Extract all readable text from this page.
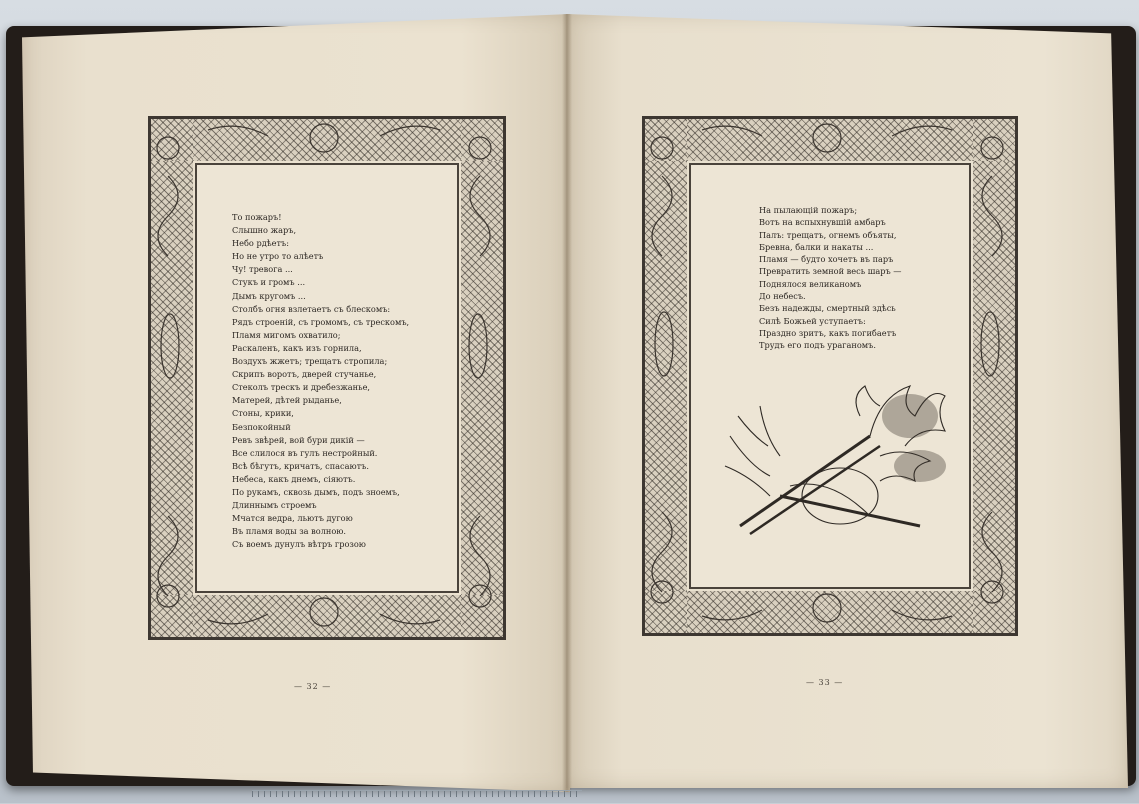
То пожаръ!
Слышно жаръ,
Небо рдѣетъ:
Но не утро то алѣетъ
Чу! тревога ...
Стукъ и громъ ...
Дымъ кругомъ ...
Столбъ огня взлетаетъ съ блескомъ:
Рядъ строеній, съ громомъ, съ трескомъ,
Пламя мигомъ охватило;
Раскаленъ, какъ изъ горнила,
Воздухъ жжетъ; трещатъ стропила;
Скрипъ воротъ, дверей стучанье,
Стеколъ трескъ и дребезжанье,
Матерей, дѣтей рыданье,
Стоны, крики,
Безпокойный
Ревъ звѣрей, вой бури дикій —
Все слилося въ гулъ нестройный.
Всѣ бѣгутъ, кричатъ, спасаютъ.
Небеса, какъ днемъ, сіяютъ.
По рукамъ, сквозь дымъ, подъ зноемъ,
Длиннымъ строемъ
Мчатся ведра, льютъ дугою
Въ пламя воды за волною.
Съ воемъ дунулъ вѣтръ грозою
На пылающій пожаръ;
Вотъ на вспыхнувшій амбаръ
Палъ: трещатъ, огнемъ объяты,
Бревна, балки и накаты ...
Пламя — будто хочетъ въ паръ
Превратить земной весь шаръ —
Поднялося великаномъ
До небесъ.
Безъ надежды, смертный здѣсь
Силѣ Божьей уступаетъ:
Праздно зритъ, какъ погибаетъ
Трудъ его подъ ураганомъ.
— 32 —	— 33 —
